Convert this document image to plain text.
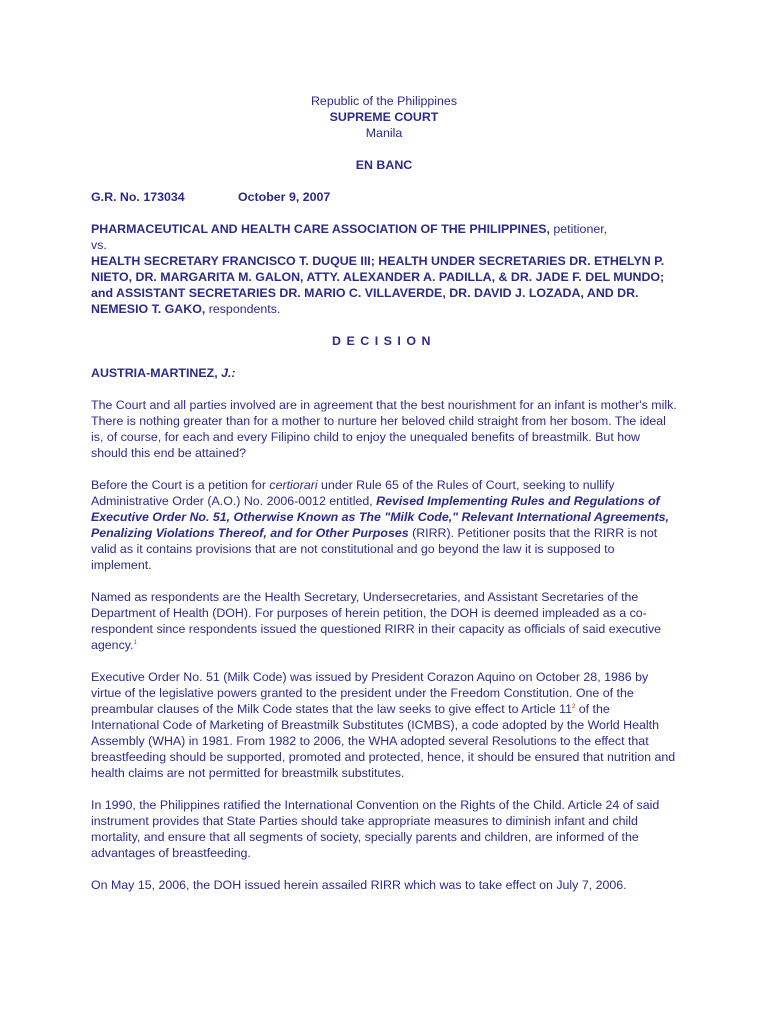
Republic of the Philippines
SUPREME COURT
Manila
EN BANC
G.R. No. 173034	October 9, 2007
PHARMACEUTICAL AND HEALTH CARE ASSOCIATION OF THE PHILIPPINES, petitioner,
vs.
HEALTH SECRETARY FRANCISCO T. DUQUE III; HEALTH UNDER SECRETARIES DR. ETHELYN P. NIETO, DR. MARGARITA M. GALON, ATTY. ALEXANDER A. PADILLA, & DR. JADE F. DEL MUNDO; and ASSISTANT SECRETARIES DR. MARIO C. VILLAVERDE, DR. DAVID J. LOZADA, AND DR. NEMESIO T. GAKO, respondents.
DECISION
AUSTRIA-MARTINEZ, J.:

The Court and all parties involved are in agreement that the best nourishment for an infant is mother's milk. There is nothing greater than for a mother to nurture her beloved child straight from her bosom. The ideal is, of course, for each and every Filipino child to enjoy the unequaled benefits of breastmilk. But how should this end be attained?

Before the Court is a petition for certiorari under Rule 65 of the Rules of Court, seeking to nullify Administrative Order (A.O.) No. 2006-0012 entitled, Revised Implementing Rules and Regulations of Executive Order No. 51, Otherwise Known as The "Milk Code," Relevant International Agreements, Penalizing Violations Thereof, and for Other Purposes (RIRR). Petitioner posits that the RIRR is not valid as it contains provisions that are not constitutional and go beyond the law it is supposed to implement.

Named as respondents are the Health Secretary, Undersecretaries, and Assistant Secretaries of the Department of Health (DOH). For purposes of herein petition, the DOH is deemed impleaded as a co-respondent since respondents issued the questioned RIRR in their capacity as officials of said executive agency.$^1$

Executive Order No. 51 (Milk Code) was issued by President Corazon Aquino on October 28, 1986 by virtue of the legislative powers granted to the president under the Freedom Constitution. One of the preambular clauses of the Milk Code states that the law seeks to give effect to Article $11^2$ of the International Code of Marketing of Breastmilk Substitutes (ICMBS), a code adopted by the World Health Assembly (WHA) in 1981. From 1982 to 2006, the WHA adopted several Resolutions to the effect that breastfeeding should be supported, promoted and protected, hence, it should be ensured that nutrition and health claims are not permitted for breastmilk substitutes.

In 1990, the Philippines ratified the International Convention on the Rights of the Child. Article 24 of said instrument provides that State Parties should take appropriate measures to diminish infant and child mortality, and ensure that all segments of society, specially parents and children, are informed of the advantages of breastfeeding.

On May 15, 2006, the DOH issued herein assailed RIRR which was to take effect on July 7, 2006.
